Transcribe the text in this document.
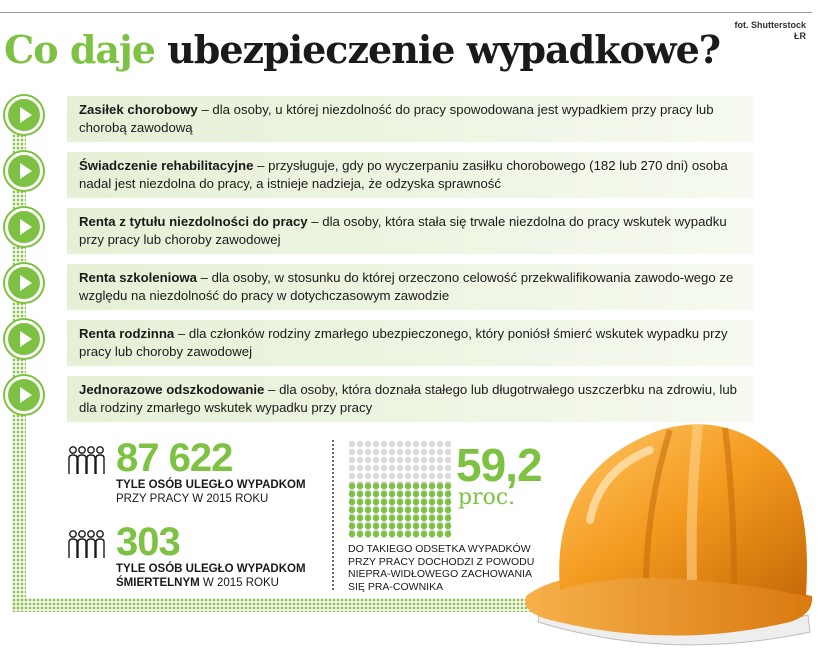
fot. Shutterstock
ŁR
Co daje ubezpieczenie wypadkowe?
Zasiłek chorobowy – dla osoby, u której niezdolność do pracy spowodowana jest wypadkiem przy pracy lub chorobą zawodową
Świadczenie rehabilitacyjne – przysługuje, gdy po wyczerpaniu zasiłku chorobowego (182 lub 270 dni) osoba nadal jest niezdolna do pracy, a istnieje nadzieja, że odzyska sprawność
Renta z tytułu niezdolności do pracy – dla osoby, która stała się trwale niezdolna do pracy wskutek wypadku przy pracy lub choroby zawodowej
Renta szkoleniowa – dla osoby, w stosunku do której orzeczono celowość przekwalifikowania zawodo-wego ze względu na niezdolność do pracy w dotychczasowym zawodzie
Renta rodzinna – dla członków rodziny zmarłego ubezpieczonego, który poniósł śmierć wskutek wypadku przy pracy lub choroby zawodowej
Jednorazowe odszkodowanie – dla osoby, która doznała stałego lub długotrwałego uszczerbku na zdrowiu, lub dla rodziny zmarłego wskutek wypadku przy pracy
87 622
TYLE OSÓB ULEGŁO WYPADKOM
PRZY PRACY W 2015 ROKU
303
TYLE OSÓB ULEGŁO WYPADKOM
ŚMIERTELNYM W 2015 ROKU
59,2
proc.
DO TAKIEGO ODSETKA WYPADKÓW PRZY PRACY DOCHODZI Z POWODU NIEPRA-WIDŁOWEGO ZACHOWANIA SIĘ PRA-COWNIKA
